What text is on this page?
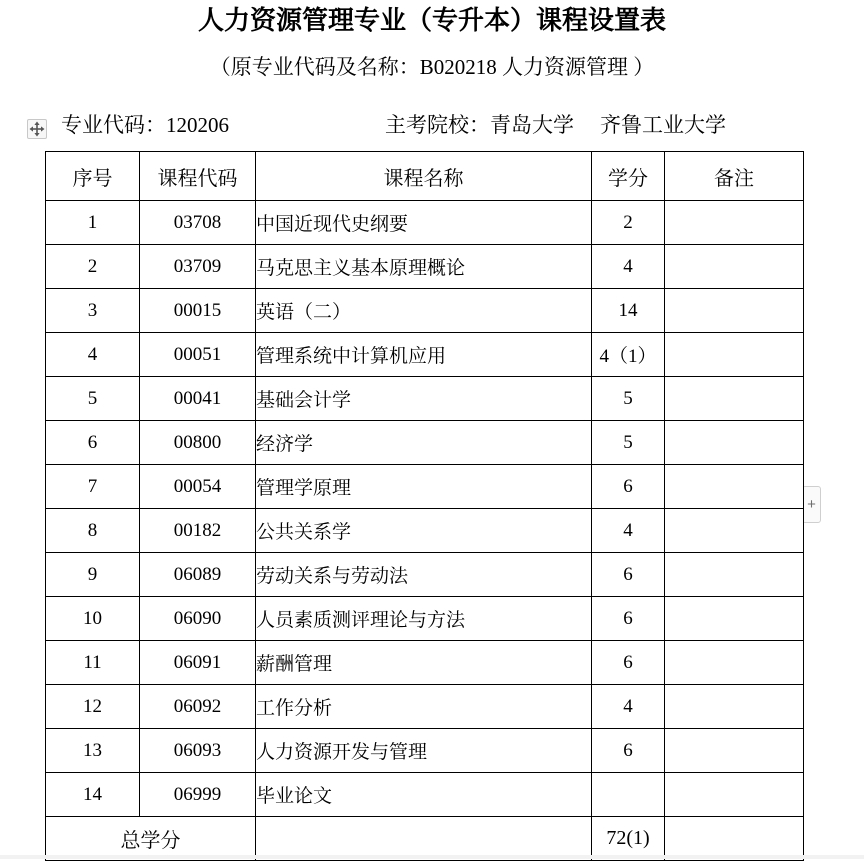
人力资源管理专业（专升本）课程设置表
（原专业代码及名称：B020218 人力资源管理 ）
专业代码：120206	主考院校：青岛大学 齐鲁工业大学
+
序号	课程代码	课程名称	学分	备注
1	03708	中国近现代史纲要	2	
2	03709	马克思主义基本原理概论	4	
3	00015	英语（二）	14	
4	00051	管理系统中计算机应用	4（1）	
5	00041	基础会计学	5	
6	00800	经济学	5	
7	00054	管理学原理	6	
8	00182	公共关系学	4	
9	06089	劳动关系与劳动法	6	
10	06090	人员素质测评理论与方法	6	
11	06091	薪酬管理	6	
12	06092	工作分析	4	
13	06093	人力资源开发与管理	6	
14	06999	毕业论文		
总学分			72(1)	
